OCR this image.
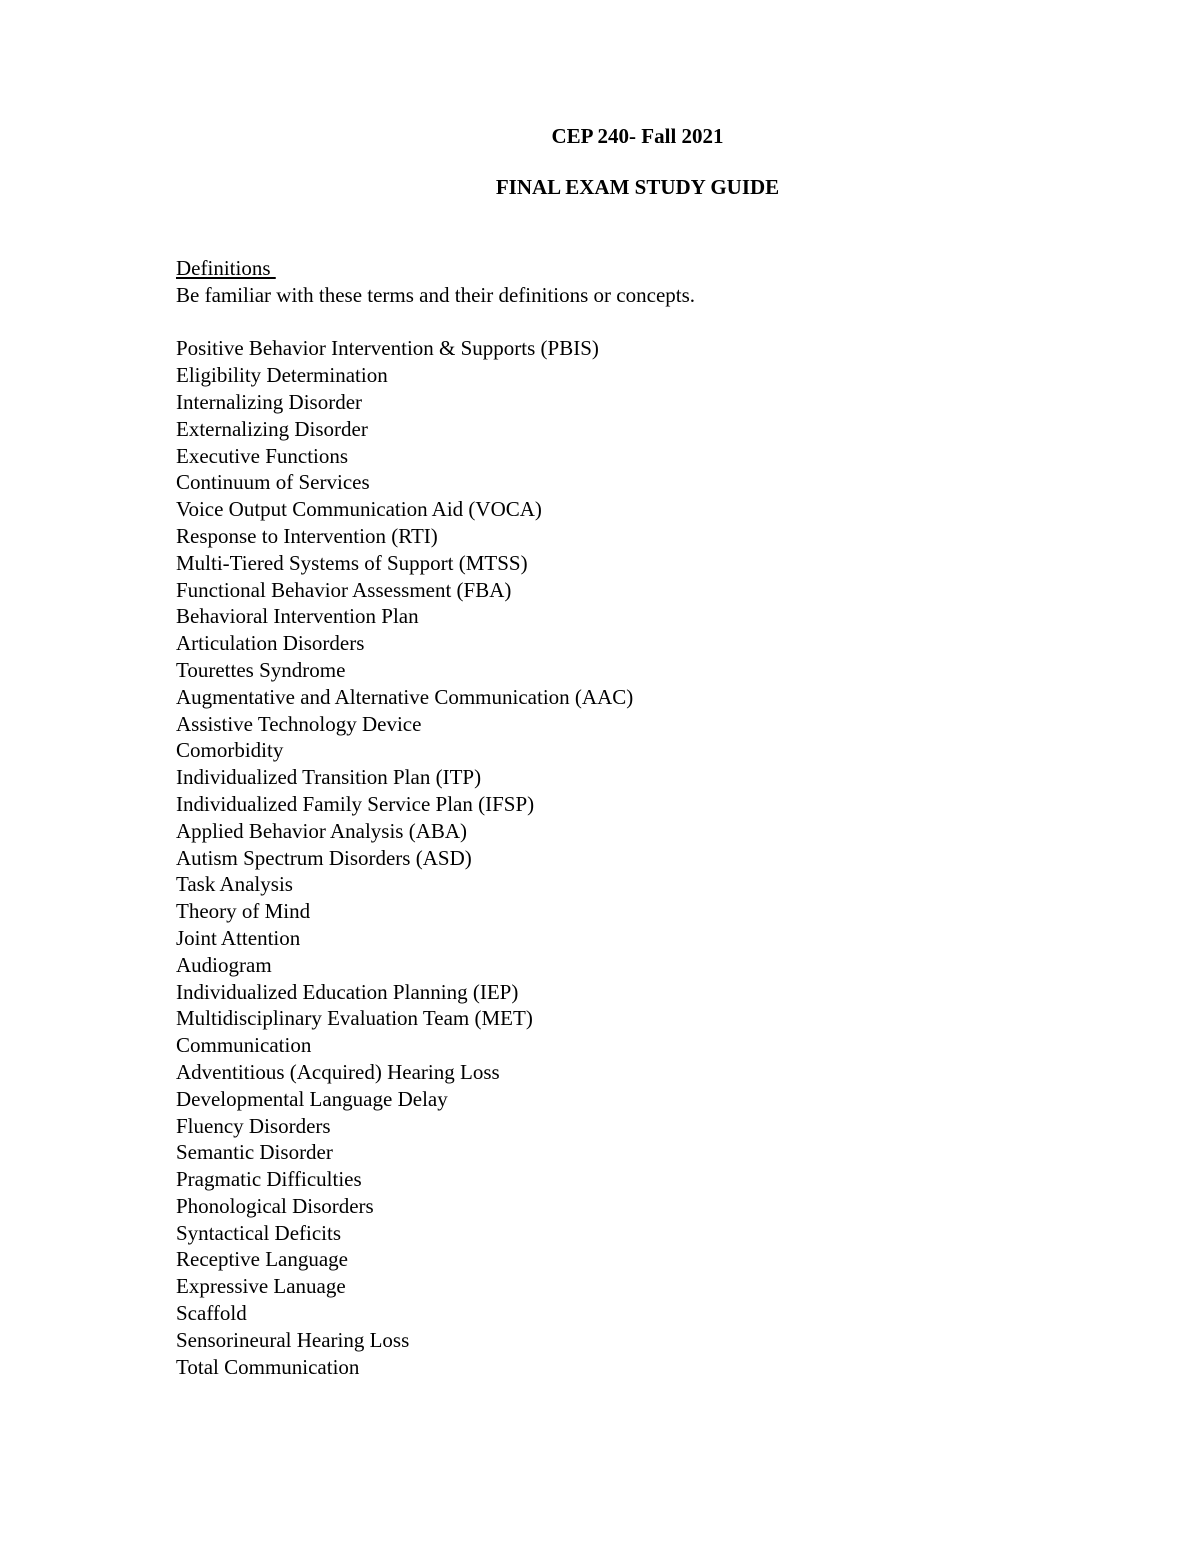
CEP 240- Fall 2021
FINAL EXAM STUDY GUIDE
Definitions
Be familiar with these terms and their definitions or concepts.
Positive Behavior Intervention & Supports (PBIS)
Eligibility Determination
Internalizing Disorder
Externalizing Disorder
Executive Functions
Continuum of Services
Voice Output Communication Aid (VOCA)
Response to Intervention (RTI)
Multi-Tiered Systems of Support (MTSS)
Functional Behavior Assessment (FBA)
Behavioral Intervention Plan
Articulation Disorders
Tourettes Syndrome
Augmentative and Alternative Communication (AAC)
Assistive Technology Device
Comorbidity
Individualized Transition Plan (ITP)
Individualized Family Service Plan (IFSP)
Applied Behavior Analysis (ABA)
Autism Spectrum Disorders (ASD)
Task Analysis
Theory of Mind
Joint Attention
Audiogram
Individualized Education Planning (IEP)
Multidisciplinary Evaluation Team (MET)
Communication
Adventitious (Acquired) Hearing Loss
Developmental Language Delay
Fluency Disorders
Semantic Disorder
Pragmatic Difficulties
Phonological Disorders
Syntactical Deficits
Receptive Language
Expressive Lanuage
Scaffold
Sensorineural Hearing Loss
Total Communication
